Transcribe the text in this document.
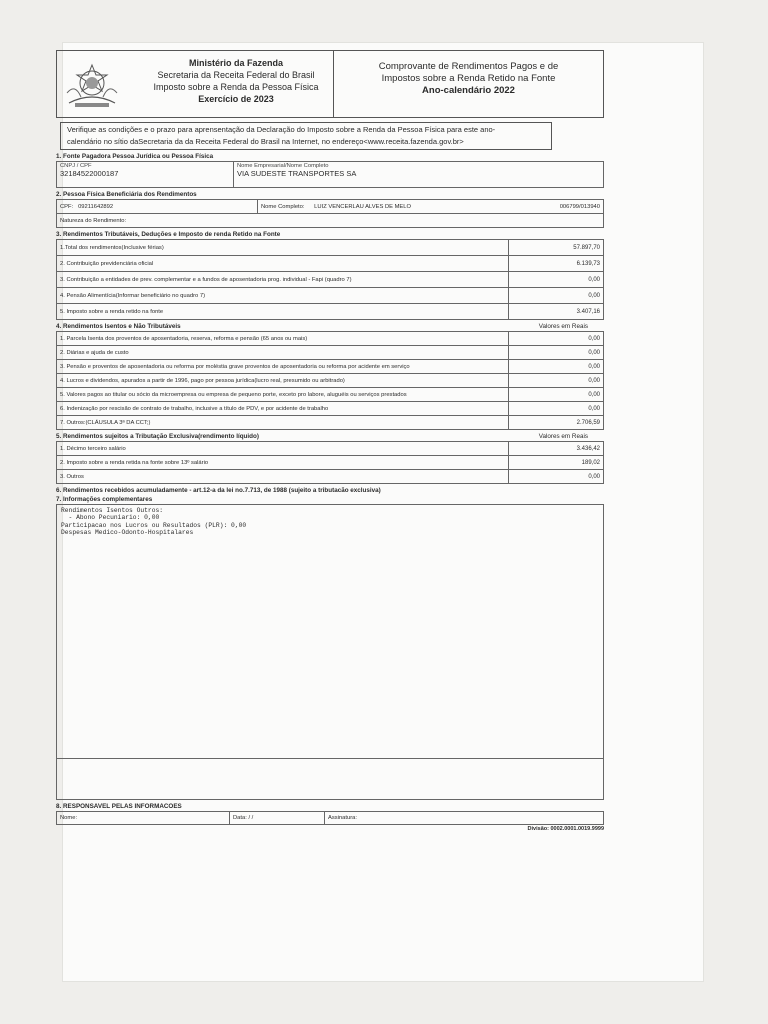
Ministério da Fazenda
Secretaria da Receita Federal do Brasil
Imposto sobre a Renda da Pessoa Física
Exercício de 2023
Comprovante de Rendimentos Pagos e de
Impostos sobre a Renda Retido na Fonte
Ano-calendário 2022
Verifique as condições e o prazo para aprensentação da Declaração do Imposto sobre a Renda da Pessoa Física para este ano-
calendário no sítio daSecretaria da da Receita Federal do Brasil na Internet, no endereço<www.receita.fazenda.gov.br>
1. Fonte Pagadora Pessoa Jurídica ou Pessoa Física
CNPJ / CPF
32184522000187

Nome Empresarial/Nome Completo
VIA SUDESTE TRANSPORTES SA
2. Pessoa Física Beneficiária dos Rendimentos
CPF: 09211642892	Nome Completo: LUIZ VENCERLAU ALVES DE MELO	006799/013940
Natureza do Rendimento:
3. Rendimentos Tributáveis, Deduções e Imposto de renda Retido na Fonte
1.Total dos rendimentos(Inclusive férias)	57.897,70
2. Contribuição previdenciária oficial	6.139,73
3. Contribuição a entidades de prev. complementar e a fundos de aposentadoria prog. individual - Fapi (quadro 7)	0,00
4. Pensão Alimentícia(Informar beneficiário no quadro 7)	0,00
5. Imposto sobre a renda retido na fonte	3.407,16
4. Rendimentos Isentos e Não Tributáveis	Valores em Reais
1. Parcela Isenta dos proventos de aposentadoria, reserva, reforma e pensão (65 anos ou mais)	0,00
2. Diárias e ajuda de custo	0,00
3. Pensão e proventos de aposentadoria ou reforma por moléstia grave proventos de aposentadoria ou reforma por acidente em serviço	0,00
4. Lucros e dividendos, apurados a partir de 1996, pago por pessoa jurídica(lucro real, presumido ou arbitrado)	0,00
5. Valores pagos ao titular ou sócio da microempresa ou empresa de pequeno porte, exceto pro labore, aluguéis ou serviços prestados	0,00
6. Indenização por rescisão de contrato de trabalho, inclusive a título de PDV, e por acidente de trabalho	0,00
7. Outros:(CLÁUSULA 3ª DA CCT;)	2.706,59
5. Rendimentos sujeitos a Tributação Exclusiva(rendimento líquido)	Valores em Reais
1. Décimo terceiro salário	3.436,42
2. Imposto sobre a renda retida na fonte sobre 13º salário	189,02
3. Outros	0,00
6. Rendimentos recebidos acumuladamente - art.12-a da lei no.7.713, de 1988 (sujeito a tributacão exclusiva)
7. Informações complementares
Rendimentos Isentos Outros:
- Abono Pecuniario: 0,00
Participacao nos Lucros ou Resultados (PLR): 0,00
Despesas Medico-Odonto-Hospitalares
8. RESPONSAVEL PELAS INFORMACOES
Nome:	Data: / /	Assinatura:
Divisão: 0002.0001.0019.9999
